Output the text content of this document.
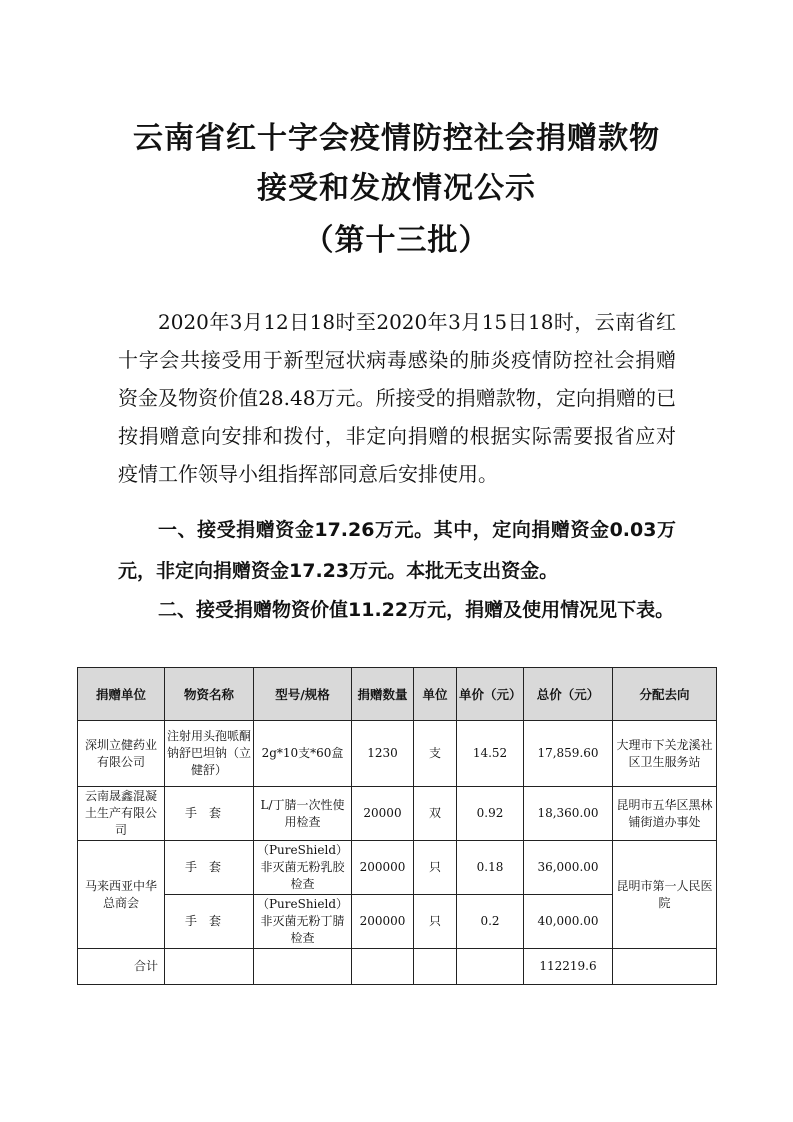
云南省红十字会疫情防控社会捐赠款物
接受和发放情况公示
（第十三批）
2020年3月12日18时至2020年3月15日18时，云南省红十字会共接受用于新型冠状病毒感染的肺炎疫情防控社会捐赠资金及物资价值28.48万元。所接受的捐赠款物，定向捐赠的已按捐赠意向安排和拨付，非定向捐赠的根据实际需要报省应对疫情工作领导小组指挥部同意后安排使用。
一、接受捐赠资金17.26万元。其中，定向捐赠资金0.03万元，非定向捐赠资金17.23万元。本批无支出资金。
二、接受捐赠物资价值11.22万元，捐赠及使用情况见下表。
捐赠单位	物资名称	型号/规格	捐赠数量	单位	单价（元）	总价（元）	分配去向
深圳立健药业有限公司	注射用头孢哌酮钠舒巴坦钠（立健舒）	2g*10支*60盒	1230	支	14.52	17,859.60	大理市下关龙溪社区卫生服务站
云南晟鑫混凝土生产有限公司	手套	L/丁腈一次性使用检查	20000	双	0.92	18,360.00	昆明市五华区黑林铺街道办事处
马来西亚中华总商会	手套	（PureShield）非灭菌无粉乳胶检查	200000	只	0.18	36,000.00	昆明市第一人民医院
	手套	（PureShield）非灭菌无粉丁腈检查	200000	只	0.2	40,000.00	
合计						112219.6	
